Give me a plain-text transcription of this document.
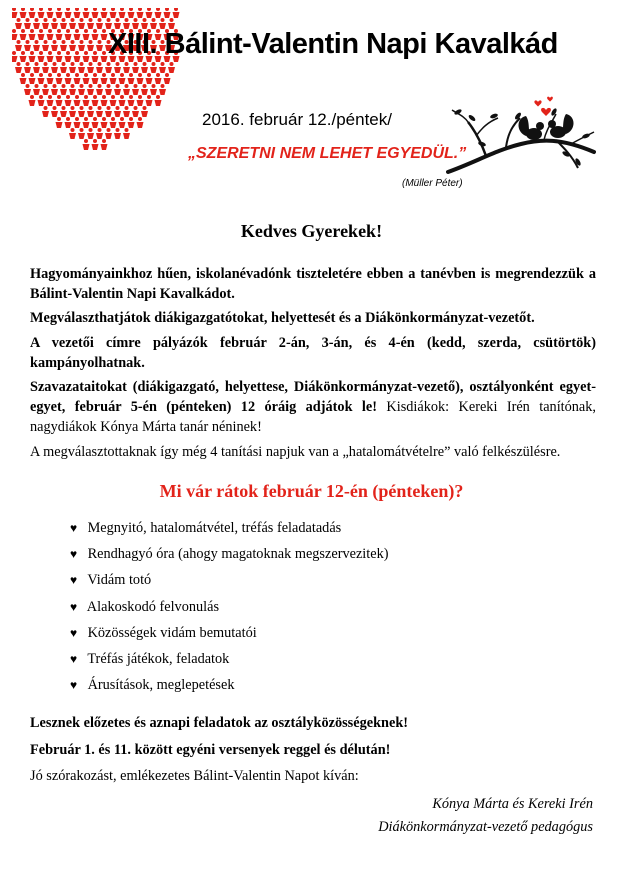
XIII. Bálint-Valentin Napi Kavalkád
2016. február 12./péntek/
„SZERETNI NEM LEHET EGYEDÜL.”
(Müller Péter)
Kedves Gyerekek!

Hagyományainkhoz hűen, iskolanévadónk tiszteletére ebben a tanévben is megrendezzük a Bálint-Valentin Napi Kavalkádot.

Megválaszthatjátok diákigazgatótokat, helyettesét és a Diákönkormányzat-vezetőt.

A vezetői címre pályázók február 2-án, 3-án, és 4-én (kedd, szerda, csütörtök) kampányolhatnak.

Szavazataitokat (diákigazgató, helyettese, Diákönkormányzat-vezető), osztályonként egyet-egyet, február 5-én (pénteken) 12 óráig adjátok le! Kisdiákok: Kereki Irén tanítónak, nagydiákok Kónya Márta tanár néninek!

A megválasztottaknak így még 4 tanítási napjuk van a „hatalomátvételre” való felkészülésre.

Mi vár rátok február 12-én (pénteken)?
♥ Megnyitó, hatalomátvétel, tréfás feladatadás
♥ Rendhagyó óra (ahogy magatoknak megszervezitek)
♥ Vidám totó
♥ Alakoskodó felvonulás
♥ Közösségek vidám bemutatói
♥ Tréfás játékok, feladatok
♥ Árusítások, meglepetések

Lesznek előzetes és aznapi feladatok az osztályközösségeknek!

Február 1. és 11. között egyéni versenyek reggel és délután!

Jó szórakozást, emlékezetes Bálint-Valentin Napot kíván:

Kónya Márta és Kereki Irén
Diákönkormányzat-vezető pedagógus
